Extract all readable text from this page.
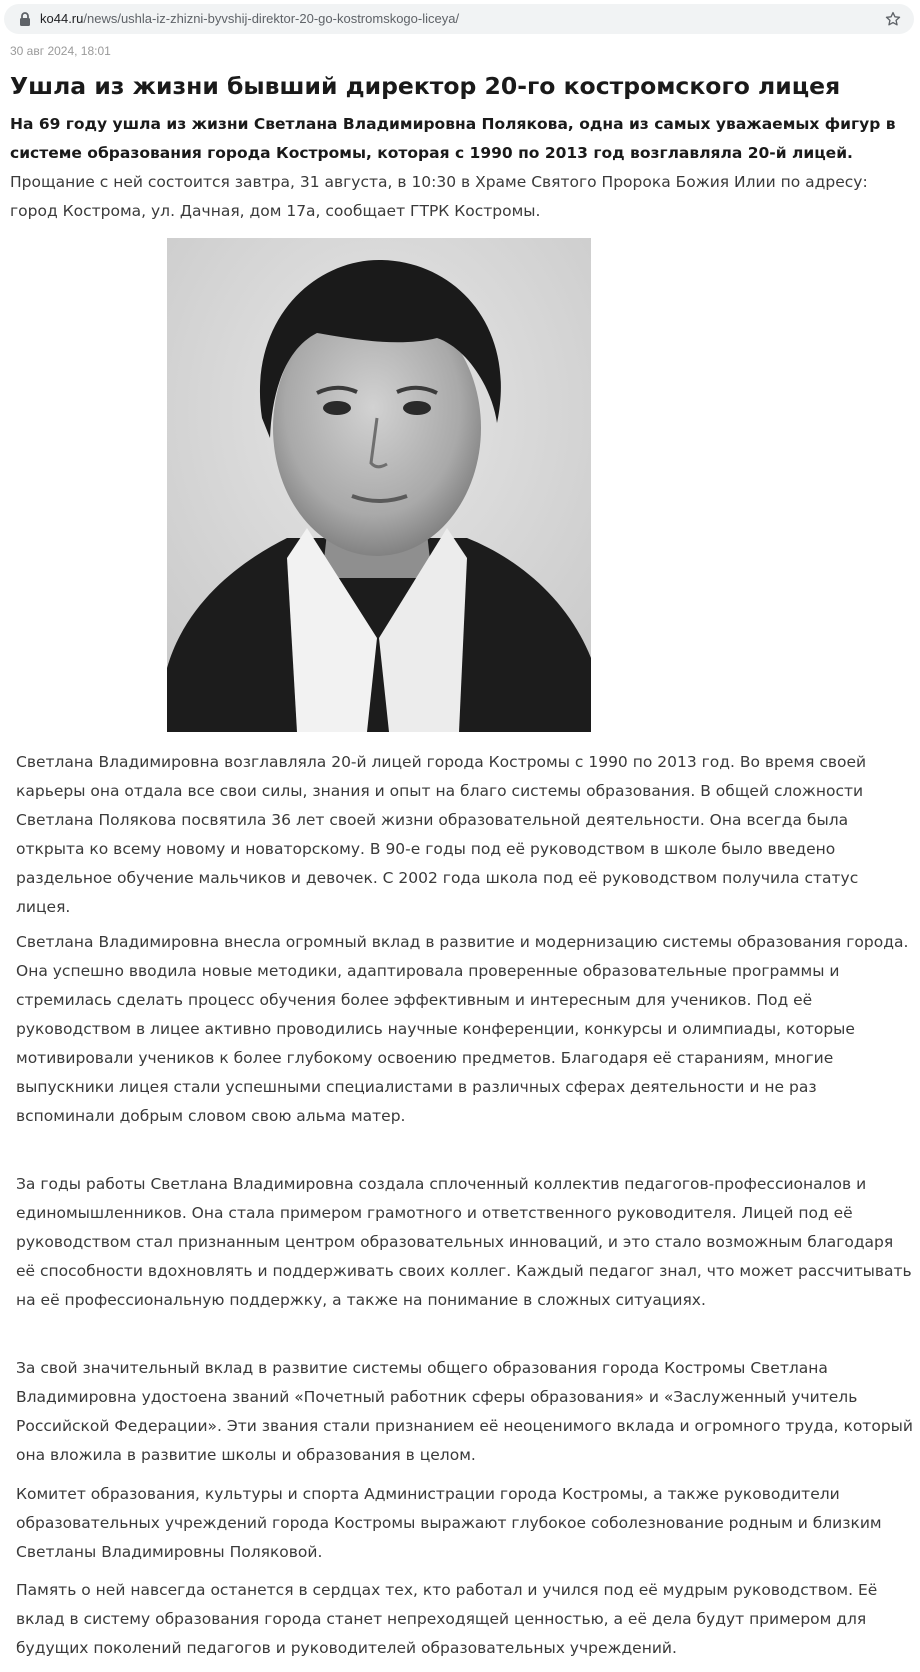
ko44.ru/news/ushla-iz-zhizni-byvshij-direktor-20-go-kostromskogo-liceya/
30 авг 2024, 18:01
Ушла из жизни бывший директор 20-го костромского лицея

На 69 году ушла из жизни Светлана Владимировна Полякова, одна из самых уважаемых фигур в системе образования города Костромы, которая с 1990 по 2013 год возглавляла 20-й лицей.

Прощание с ней состоится завтра, 31 августа, в 10:30 в Храме Святого Пророка Божия Илии по адресу: город Кострома, ул. Дачная, дом 17а, сообщает ГТРК Костромы.

Светлана Владимировна возглавляла 20-й лицей города Костромы с 1990 по 2013 год. Во время своей карьеры она отдала все свои силы, знания и опыт на благо системы образования. В общей сложности Светлана Полякова посвятила 36 лет своей жизни образовательной деятельности. Она всегда была открыта ко всему новому и новаторскому. В 90-е годы под её руководством в школе было введено раздельное обучение мальчиков и девочек. С 2002 года школа под её руководством получила статус лицея.

Светлана Владимировна внесла огромный вклад в развитие и модернизацию системы образования города. Она успешно вводила новые методики, адаптировала проверенные образовательные программы и стремилась сделать процесс обучения более эффективным и интересным для учеников. Под её руководством в лицее активно проводились научные конференции, конкурсы и олимпиады, которые мотивировали учеников к более глубокому освоению предметов. Благодаря её стараниям, многие выпускники лицея стали успешными специалистами в различных сферах деятельности и не раз вспоминали добрым словом свою альма матер.

За годы работы Светлана Владимировна создала сплоченный коллектив педагогов-профессионалов и единомышленников. Она стала примером грамотного и ответственного руководителя. Лицей под её руководством стал признанным центром образовательных инноваций, и это стало возможным благодаря её способности вдохновлять и поддерживать своих коллег. Каждый педагог знал, что может рассчитывать на её профессиональную поддержку, а также на понимание в сложных ситуациях.

За свой значительный вклад в развитие системы общего образования города Костромы Светлана Владимировна удостоена званий «Почетный работник сферы образования» и «Заслуженный учитель Российской Федерации». Эти звания стали признанием её неоценимого вклада и огромного труда, который она вложила в развитие школы и образования в целом.

Комитет образования, культуры и спорта Администрации города Костромы, а также руководители образовательных учреждений города Костромы выражают глубокое соболезнование родным и близким Светланы Владимировны Поляковой.

Память о ней навсегда останется в сердцах тех, кто работал и учился под её мудрым руководством. Её вклад в систему образования города станет непреходящей ценностью, а её дела будут примером для будущих поколений педагогов и руководителей образовательных учреждений.
